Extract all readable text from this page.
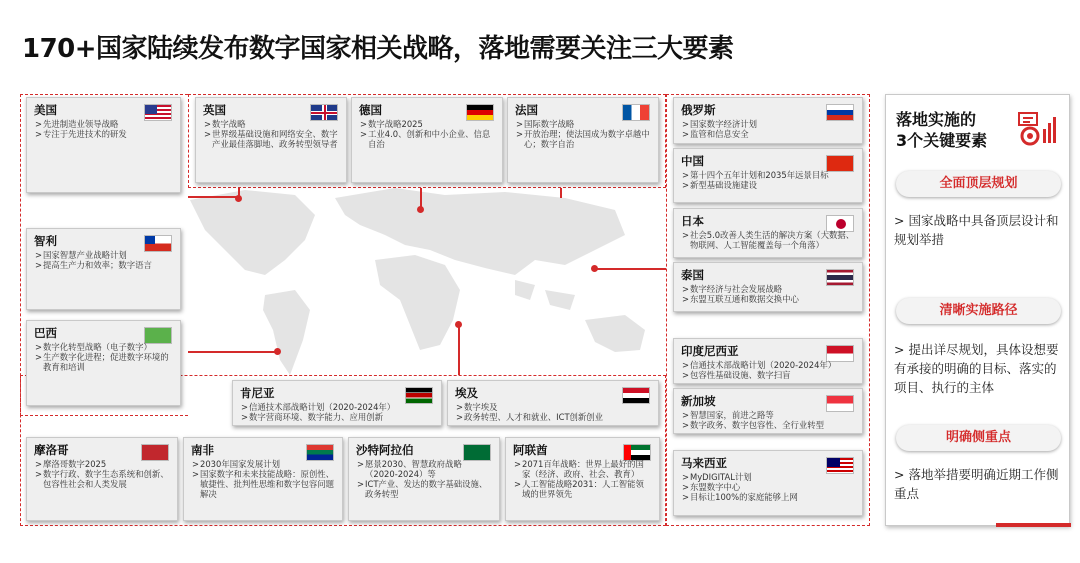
170+国家陆续发布数字国家相关战略，落地需要关注三大要素
美国
> 先进制造业领导战略
> 专注于先进技术的研发
智利
> 国家智慧产业战略计划
> 提高生产力和效率；数字语言
巴西
> 数字化转型战略（电子数字）
> 生产数字化进程；促进数字环境的教育和培训
英国
> 数字战略
> 世界级基础设施和网络安全、数字产业最佳落脚地、政务转型领导者
德国
> 数字战略2025
> 工业4.0、创新和中小企业、信息自治
法国
> 国际数字战略
> 开放治理；使法国成为数字卓越中心；数字自治
肯尼亚
> 信通技术部战略计划（2020-2024年）
> 数字营商环境、数字能力、应用创新
埃及
> 数字埃及
> 政务转型、人才和就业、ICT创新创业
摩洛哥
> 摩洛哥数字2025
> 数字行政、数字生态系统和创新、包容性社会和人类发展
南非
> 2030年国家发展计划
> 国家数字和未来技能战略：原创性、敏捷性、批判性思维和数字包容问题解决
沙特阿拉伯
> 愿景2030、智慧政府战略（2020-2024）等
> ICT产业、发达的数字基础设施、政务转型
阿联酋
> 2071百年战略：世界上最好的国家（经济、政府、社会、教育）
> 人工智能战略2031：人工智能领域的世界领先
俄罗斯
> 国家数字经济计划
> 监管和信息安全
中国
> 第十四个五年计划和2035年远景目标
> 新型基础设施建设
日本
> 社会5.0改善人类生活的解决方案（大数据、物联网、人工智能覆盖每一个角落）
泰国
> 数字经济与社会发展战略
> 东盟互联互通和数据交换中心
印度尼西亚
> 信通技术部战略计划（2020-2024年）
> 包容性基础设施、数字扫盲
新加坡
> 智慧国家，前进之路等
> 数字政务、数字包容性、全行业转型
马来西亚
> MyDIGITAL计划
> 东盟数字中心
> 目标让100%的家庭能够上网
落地实施的
3个关键要素
全面顶层规划
> 国家战略中具备顶层设计和规划举措
清晰实施路径
> 提出详尽规划，具体设想要有承接的明确的目标、落实的项目、执行的主体
明确侧重点
> 落地举措要明确近期工作侧重点
